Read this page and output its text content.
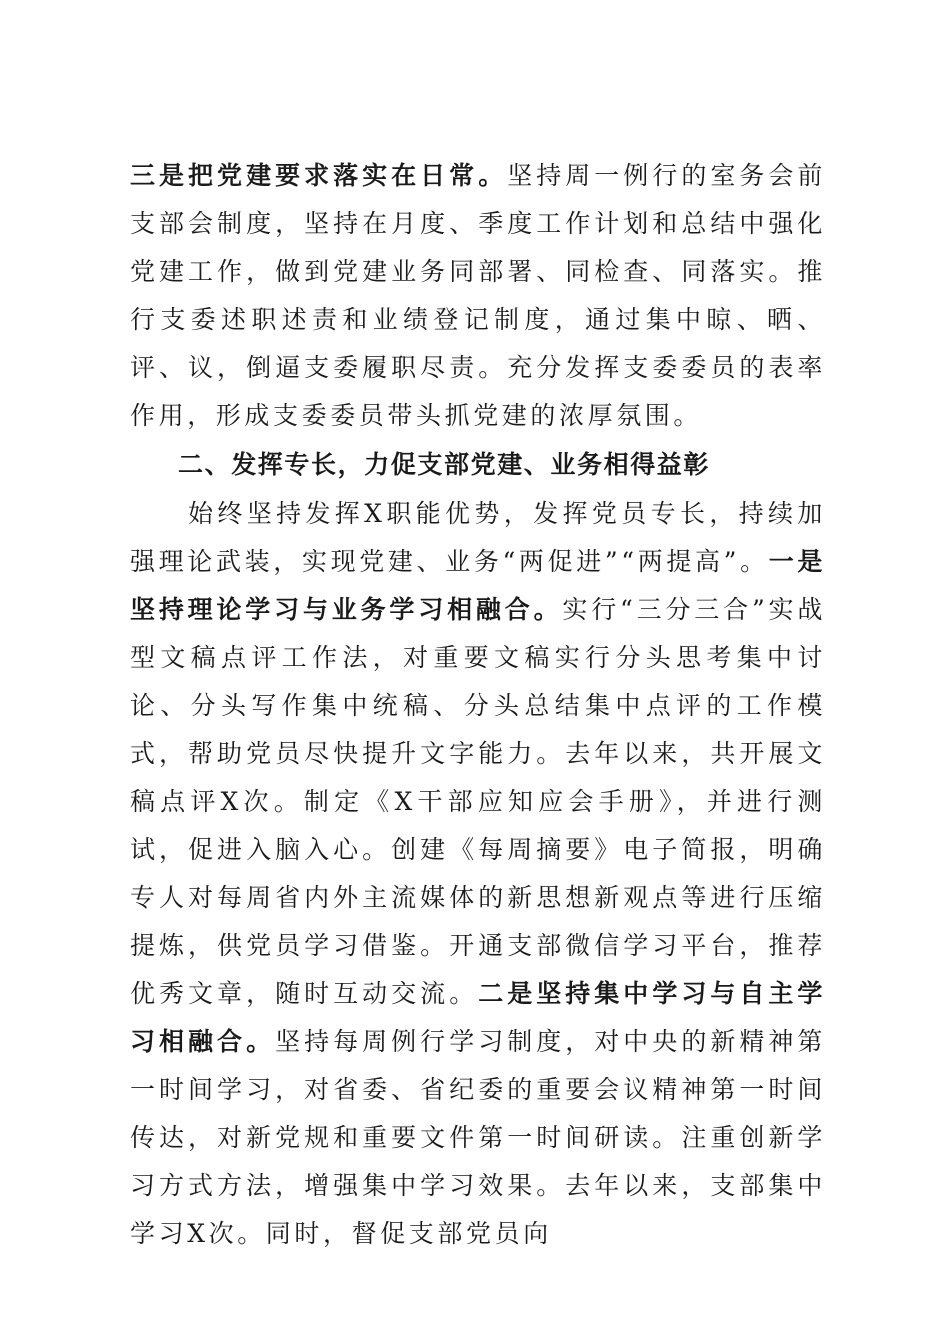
三是把党建要求落实在日常。坚持周一例行的室务会前支部会制度，坚持在月度、季度工作计划和总结中强化党建工作，做到党建业务同部署、同检查、同落实。推行支委述职述责和业绩登记制度，通过集中晾、晒、评、议，倒逼支委履职尽责。充分发挥支委委员的表率作用，形成支委委员带头抓党建的浓厚氛围。

二、发挥专长，力促支部党建、业务相得益彰

始终坚持发挥X职能优势，发挥党员专长，持续加强理论武装，实现党建、业务“两促进”“两提高”。一是坚持理论学习与业务学习相融合。实行“三分三合”实战型文稿点评工作法，对重要文稿实行分头思考集中讨论、分头写作集中统稿、分头总结集中点评的工作模式，帮助党员尽快提升文字能力。去年以来，共开展文稿点评X次。制定《X干部应知应会手册》，并进行测试，促进入脑入心。创建《每周摘要》电子简报，明确专人对每周省内外主流媒体的新思想新观点等进行压缩提炼，供党员学习借鉴。开通支部微信学习平台，推荐优秀文章，随时互动交流。二是坚持集中学习与自主学习相融合。坚持每周例行学习制度，对中央的新精神第一时间学习，对省委、省纪委的重要会议精神第一时间传达，对新党规和重要文件第一时间研读。注重创新学习方式方法，增强集中学习效果。去年以来，支部集中学习X次。同时，督促支部党员向
